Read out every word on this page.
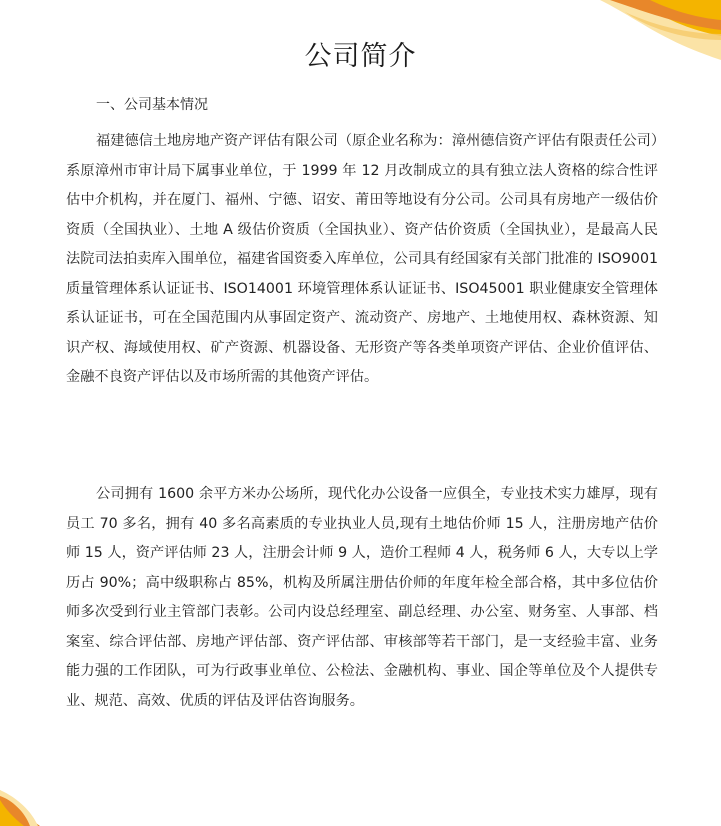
公司简介

一、公司基本情况

福建德信土地房地产资产评估有限公司（原企业名称为：漳州德信资产评估有限责任公司）系原漳州市审计局下属事业单位，于 1999 年 12 月改制成立的具有独立法人资格的综合性评估中介机构，并在厦门、福州、宁德、诏安、莆田等地设有分公司。公司具有房地产一级估价资质（全国执业）、土地 A 级估价资质（全国执业）、资产估价资质（全国执业），是最高人民法院司法拍卖库入围单位，福建省国资委入库单位，公司具有经国家有关部门批准的 ISO9001 质量管理体系认证证书、ISO14001 环境管理体系认证证书、ISO45001 职业健康安全管理体系认证证书，可在全国范围内从事固定资产、流动资产、房地产、土地使用权、森林资源、知识产权、海域使用权、矿产资源、机器设备、无形资产等各类单项资产评估、企业价值评估、金融不良资产评估以及市场所需的其他资产评估。

公司拥有 1600 余平方米办公场所，现代化办公设备一应俱全，专业技术实力雄厚，现有员工 70 多名，拥有 40 多名高素质的专业执业人员,现有土地估价师 15 人，注册房地产估价师 15 人，资产评估师 23 人，注册会计师 9 人，造价工程师 4 人，税务师 6 人，大专以上学历占 90%；高中级职称占 85%，机构及所属注册估价师的年度年检全部合格，其中多位估价师多次受到行业主管部门表彰。公司内设总经理室、副总经理、办公室、财务室、人事部、档案室、综合评估部、房地产评估部、资产评估部、审核部等若干部门，是一支经验丰富、业务能力强的工作团队，可为行政事业单位、公检法、金融机构、事业、国企等单位及个人提供专业、规范、高效、优质的评估及评估咨询服务。
